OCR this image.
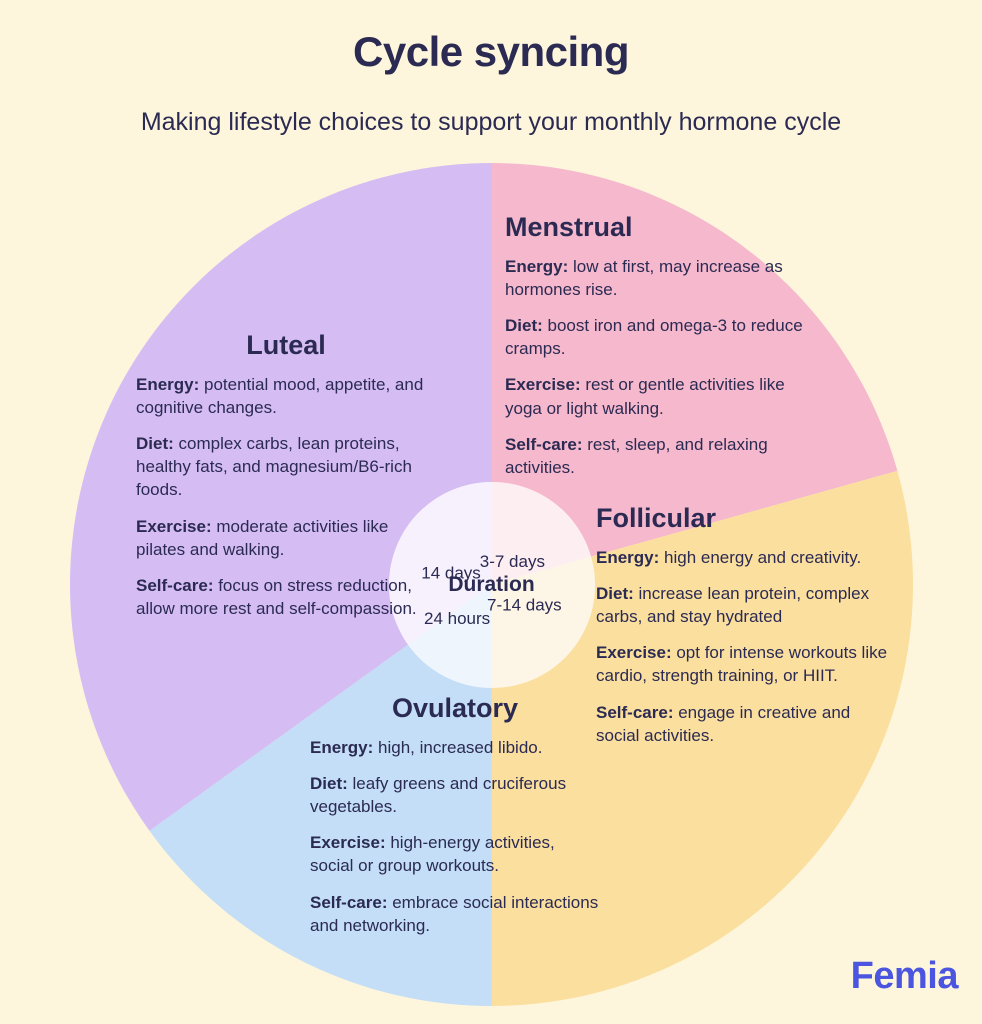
Cycle syncing
Making lifestyle choices to support your monthly hormone cycle
Duration
3-7 days
7-14 days
24 hours
14 days
Menstrual

Energy: low at first, may increase as hormones rise.

Diet: boost iron and omega-3 to reduce cramps.

Exercise: rest or gentle activities like yoga or light walking.

Self-care: rest, sleep, and relaxing activities.

Follicular

Energy: high energy and creativity.

Diet: increase lean protein, complex carbs, and stay hydrated

Exercise: opt for intense workouts like cardio, strength training, or HIIT.

Self-care: engage in creative and social activities.

Luteal

Energy: potential mood, appetite, and cognitive changes.

Diet: complex carbs, lean proteins, healthy fats, and magnesium/B6-rich foods.

Exercise: moderate activities like pilates and walking.

Self-care: focus on stress reduction, allow more rest and self-compassion.

Ovulatory

Energy: high, increased libido.

Diet: leafy greens and cruciferous vegetables.

Exercise: high-energy activities, social or group workouts.

Self-care: embrace social interactions and networking.

Femia
